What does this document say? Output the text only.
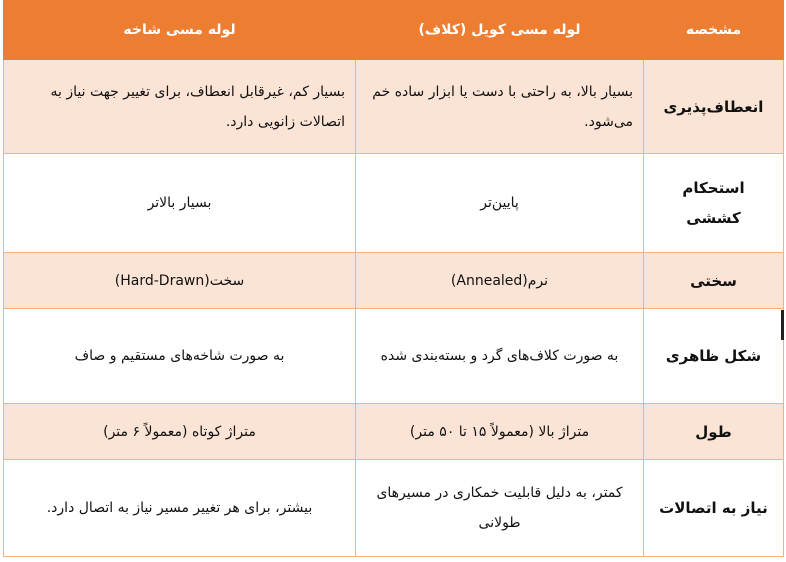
مشخصه	لوله مسی کویل (کلاف)	لوله مسی شاخه
انعطاف‌پذیری	بسیار بالا، به راحتی با دست یا ابزار ساده خم می‌شود.	بسیار کم، غیرقابل انعطاف، برای تغییر جهت نیاز به اتصالات زانویی دارد.
استحکام کششی	پایین‌تر	بسیار بالاتر
سختی	نرم(Annealed)	سخت(Hard-Drawn)
شکل ظاهری	به صورت کلاف‌های گرد و بسته‌بندی شده	به صورت شاخه‌های مستقیم و صاف
طول	متراژ بالا (معمولاً ۱۵ تا ۵۰ متر)	متراژ کوتاه (معمولاً ۶ متر)
نیاز به اتصالات	کمتر، به دلیل قابلیت خمکاری در مسیرهای طولانی	بیشتر، برای هر تغییر مسیر نیاز به اتصال دارد.
